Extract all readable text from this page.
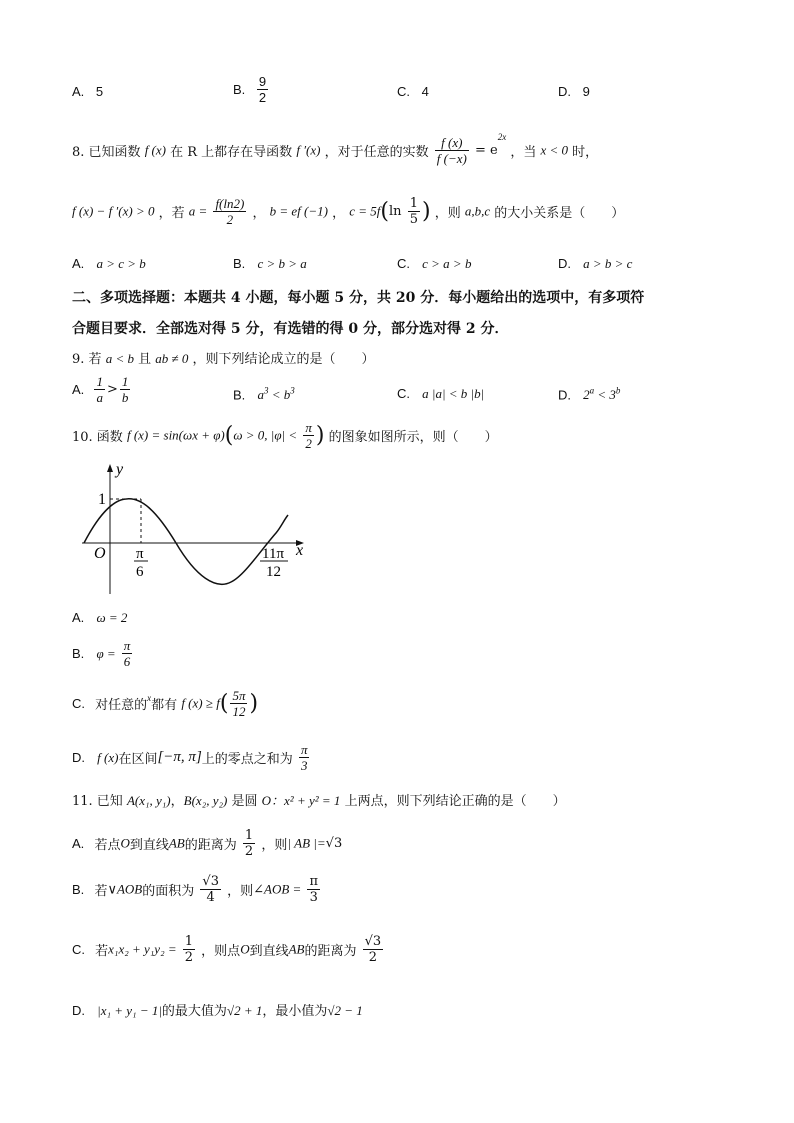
A. 5	B. $\frac{9}{2}$	C. 4	D. 9
8. 已知函数 f (x) 在 R 上都存在导函数 f ′(x) ，对于任意的实数 $\frac{f (x)}{f (-x)} = e^{2x}$ ，当 x < 0 时，
f (x) − f ′(x) > 0 ，若 $a = \frac{f(\ln 2)}{2}$ ， b = ef (−1) ， $c = 5f(\ln \frac{1}{5}$ ) ，则 a,b,c 的大小关系是（　　）
A. a > c > b	B. c > b > a	C. c > a > b	D. a > b > c
二、多项选择题：本题共 4 小题，每小题 5 分，共 20 分．每小题给出的选项中，有多项符
合题目要求．全部选对得 5 分，有选错的得 0 分，部分选对得 2 分．
9. 若 a < b 且 ab ≠ 0 ，则下列结论成立的是（　　）
A. $\frac{1}{a} > \frac{1}{b}$	B. $a^3 < b^3$	C. a |a| < b |b|	D. $2^a < 3^b$
10. 函数 f (x) = sin(ωx + φ)(ω > 0, $|\varphi| < \frac{\pi}{2}$ ) 的图象如图所示，则（　　）
y
x
O
1
π
6
11π
12
A. ω = 2
B. $\varphi = \frac{\pi}{6}$
C. 对任意的$^x$都有 f $(x) \ge f( \frac{5\pi}{12}$ )
D. f (x)在区间[−π, π]上的零点之和为 $\frac{\pi}{3}$
11. 已知 A(x₁, y₁)，B(x₂, y₂) 是圆 O：x² + y² = 1 上两点，则下列结论正确的是（　　）
A. 若点O到直线AB的距离为 $\frac{1}{2}$ ，则| AB |=√3
B. 若∨AOB的面积为 $\frac{√3}{4}$ ，则∠AOB = $\frac{\pi}{3}$
C. 若$x_1x_2 + y_1y_2 = \frac{1}{2}$ ，则点O到直线AB的距离为 $\frac{√3}{2}$
D. |x₁ + y₁ − 1|的最大值为√2 + 1，最小值为√2 − 1
